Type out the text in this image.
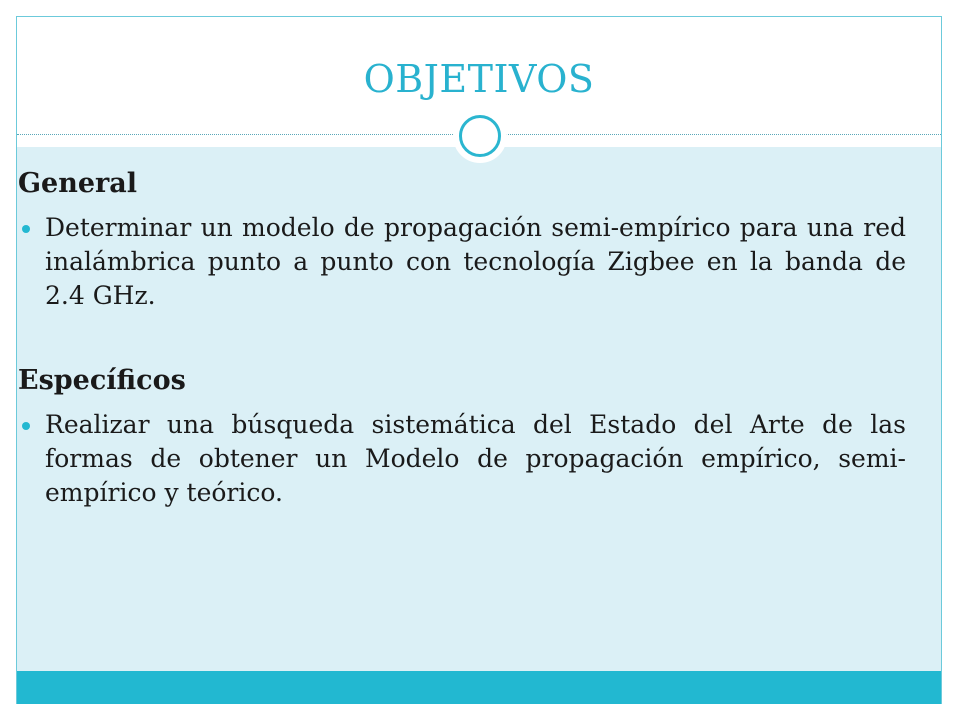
OBJETIVOS
General
Determinar un modelo de propagación semi-empírico para una red inalámbrica punto a punto con tecnología Zigbee en la banda de 2.4 GHz.
Específicos
Realizar una búsqueda sistemática del Estado del Arte de las formas de obtener un Modelo de propagación empírico, semi-empírico y teórico.
